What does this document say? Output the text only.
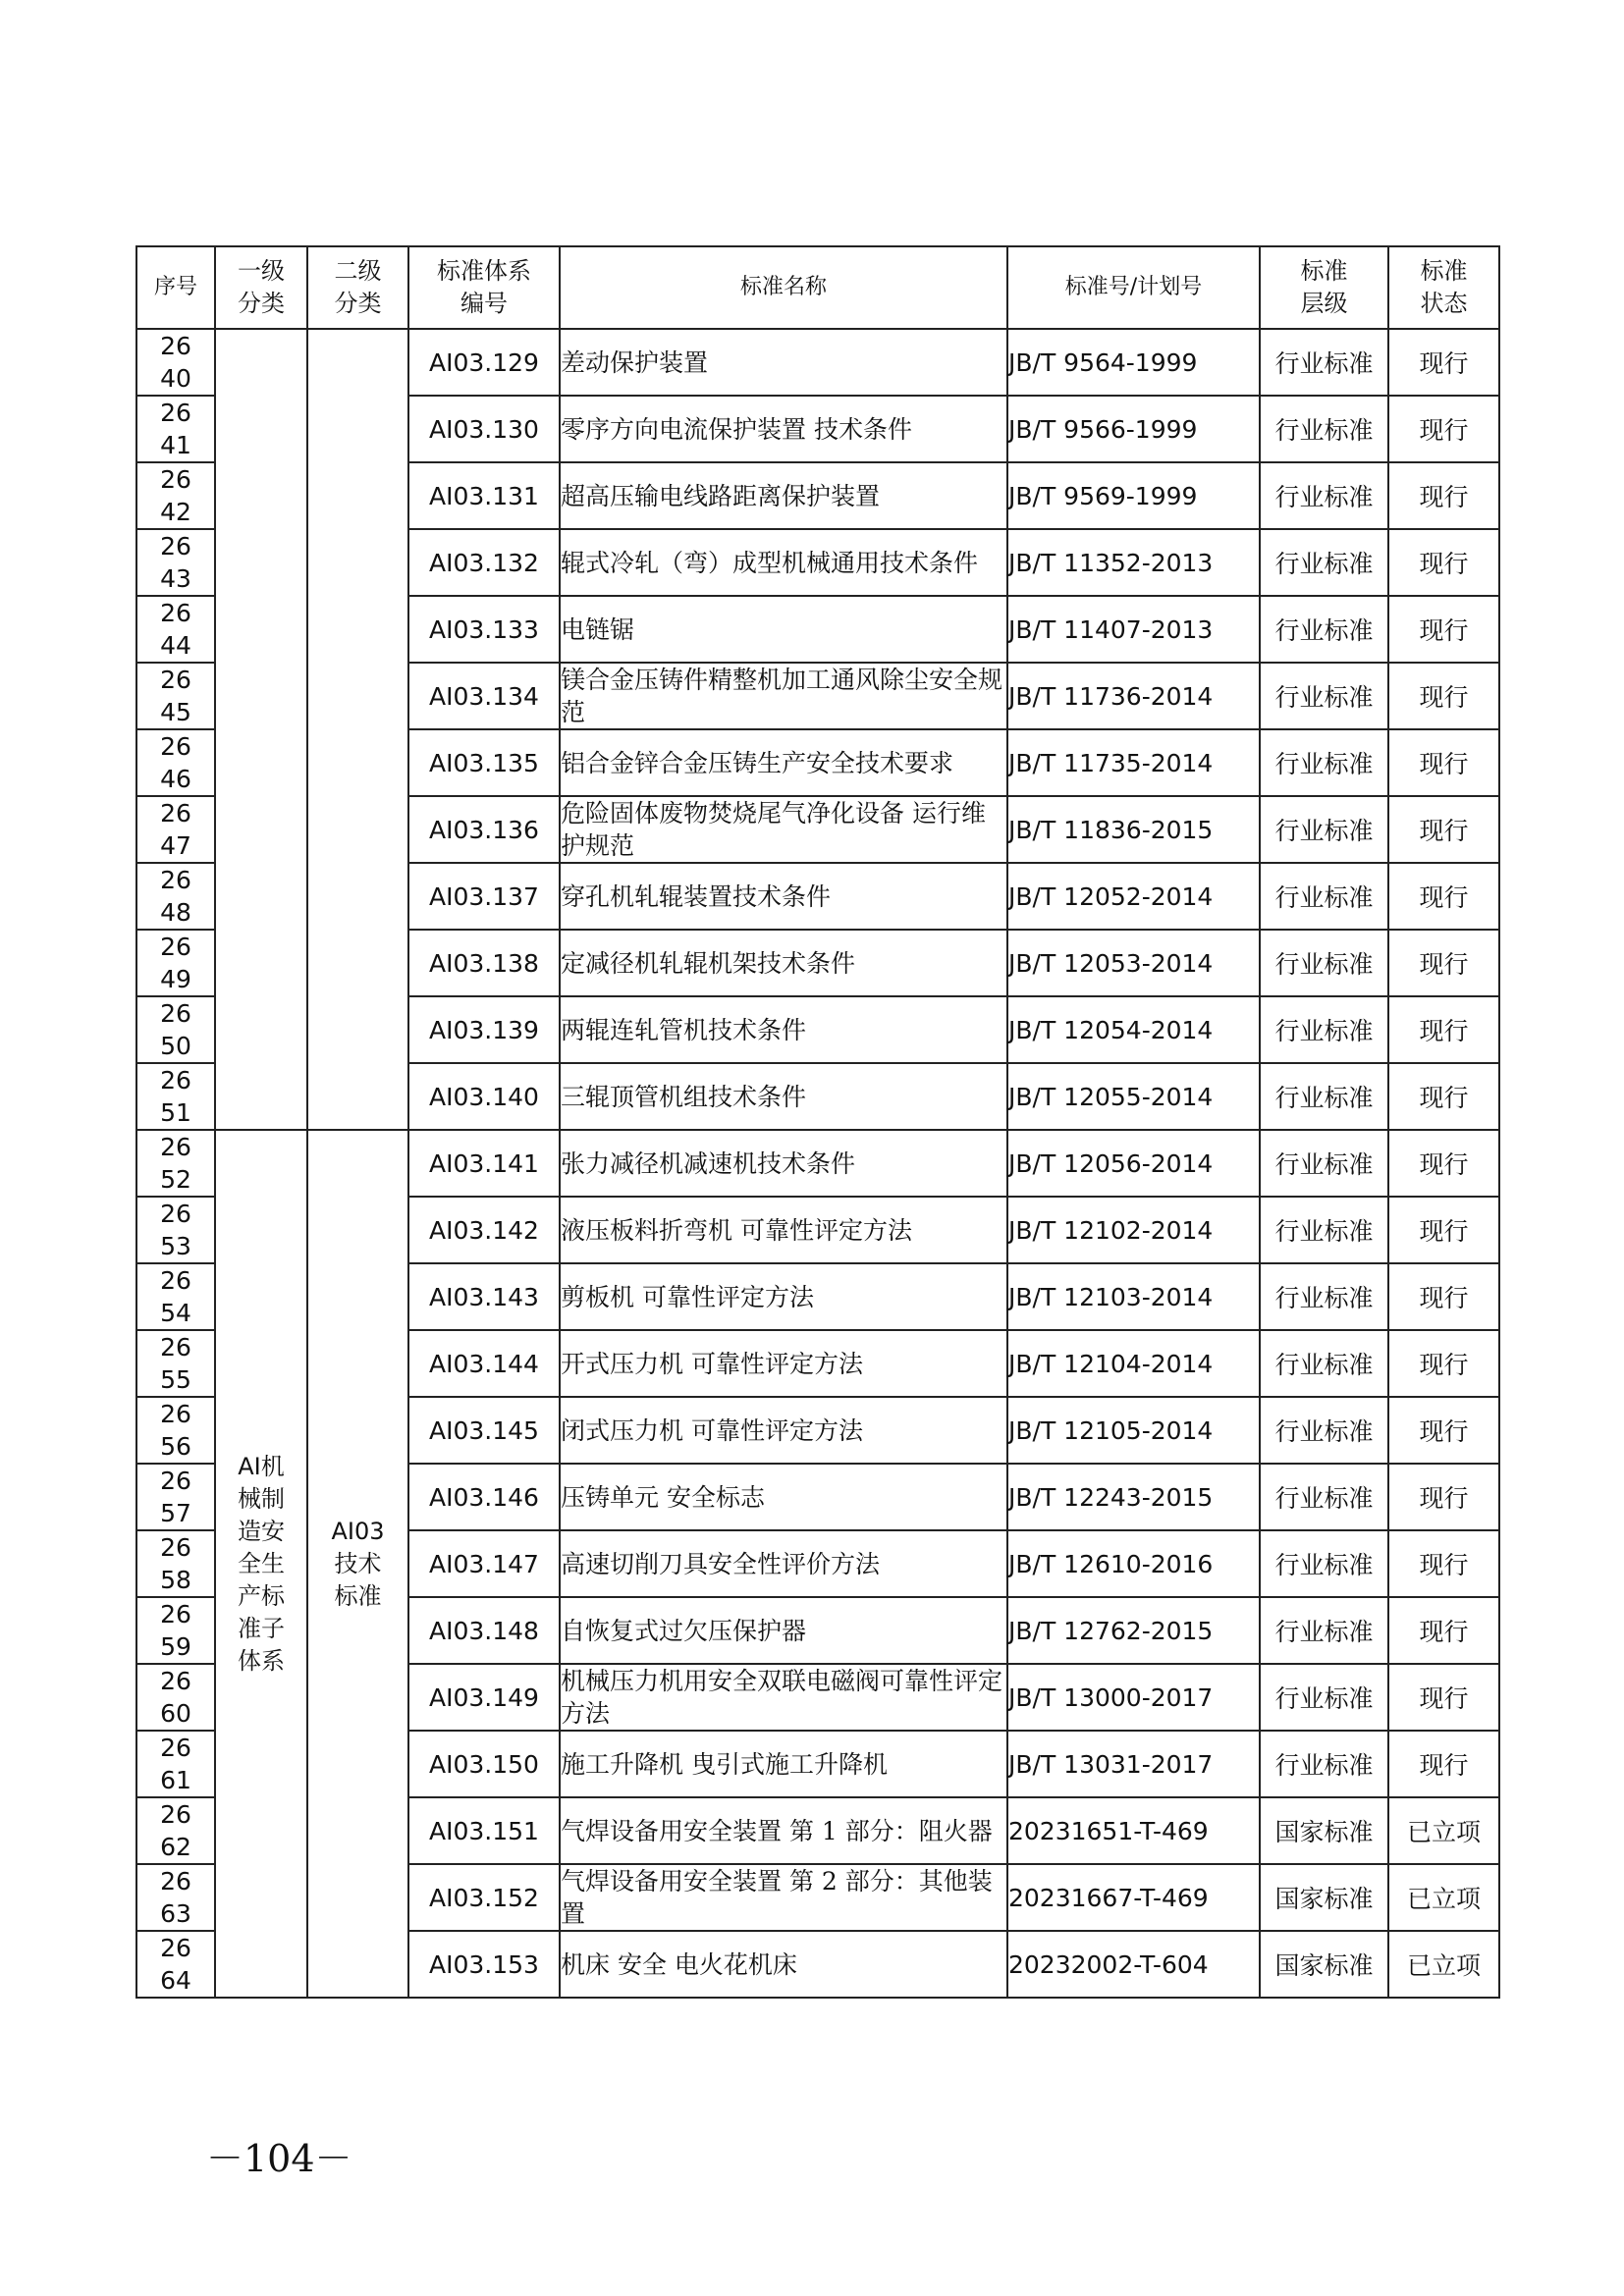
序号	一级分类	二级分类	标准体系编号	标准名称	标准号/计划号	标准层级	标准状态

2640			AI03.129	差动保护装置	JB/T 9564-1999	行业标准	现行

2641			AI03.130	零序方向电流保护装置 技术条件	JB/T 9566-1999	行业标准	现行

2642			AI03.131	超高压输电线路距离保护装置	JB/T 9569-1999	行业标准	现行

2643			AI03.132	辊式冷轧（弯）成型机械通用技术条件	JB/T 11352-2013	行业标准	现行

2644			AI03.133	电链锯	JB/T 11407-2013	行业标准	现行

2645			AI03.134	镁合金压铸件精整机加工通风除尘安全规范	JB/T 11736-2014	行业标准	现行

2646			AI03.135	铝合金锌合金压铸生产安全技术要求	JB/T 11735-2014	行业标准	现行

2647			AI03.136	危险固体废物焚烧尾气净化设备 运行维护规范	JB/T 11836-2015	行业标准	现行

2648			AI03.137	穿孔机轧辊装置技术条件	JB/T 12052-2014	行业标准	现行

2649			AI03.138	定减径机轧辊机架技术条件	JB/T 12053-2014	行业标准	现行

2650			AI03.139	两辊连轧管机技术条件	JB/T 12054-2014	行业标准	现行

2651			AI03.140	三辊顶管机组技术条件	JB/T 12055-2014	行业标准	现行

2652	AI机械制造安全生产标准子体系	AI03技术标准	AI03.141	张力减径机减速机技术条件	JB/T 12056-2014	行业标准	现行

2653			AI03.142	液压板料折弯机 可靠性评定方法	JB/T 12102-2014	行业标准	现行

2654			AI03.143	剪板机 可靠性评定方法	JB/T 12103-2014	行业标准	现行

2655			AI03.144	开式压力机 可靠性评定方法	JB/T 12104-2014	行业标准	现行

2656			AI03.145	闭式压力机 可靠性评定方法	JB/T 12105-2014	行业标准	现行

2657			AI03.146	压铸单元 安全标志	JB/T 12243-2015	行业标准	现行

2658			AI03.147	高速切削刀具安全性评价方法	JB/T 12610-2016	行业标准	现行

2659			AI03.148	自恢复式过欠压保护器	JB/T 12762-2015	行业标准	现行

2660			AI03.149	机械压力机用安全双联电磁阀可靠性评定方法	JB/T 13000-2017	行业标准	现行

2661			AI03.150	施工升降机 曳引式施工升降机	JB/T 13031-2017	行业标准	现行

2662			AI03.151	气焊设备用安全装置 第 1 部分：阻火器	20231651-T-469	国家标准	已立项

2663			AI03.152	气焊设备用安全装置 第 2 部分：其他装置	20231667-T-469	国家标准	已立项

2664			AI03.153	机床 安全 电火花机床	20232002-T-604	国家标准	已立项
－104－
